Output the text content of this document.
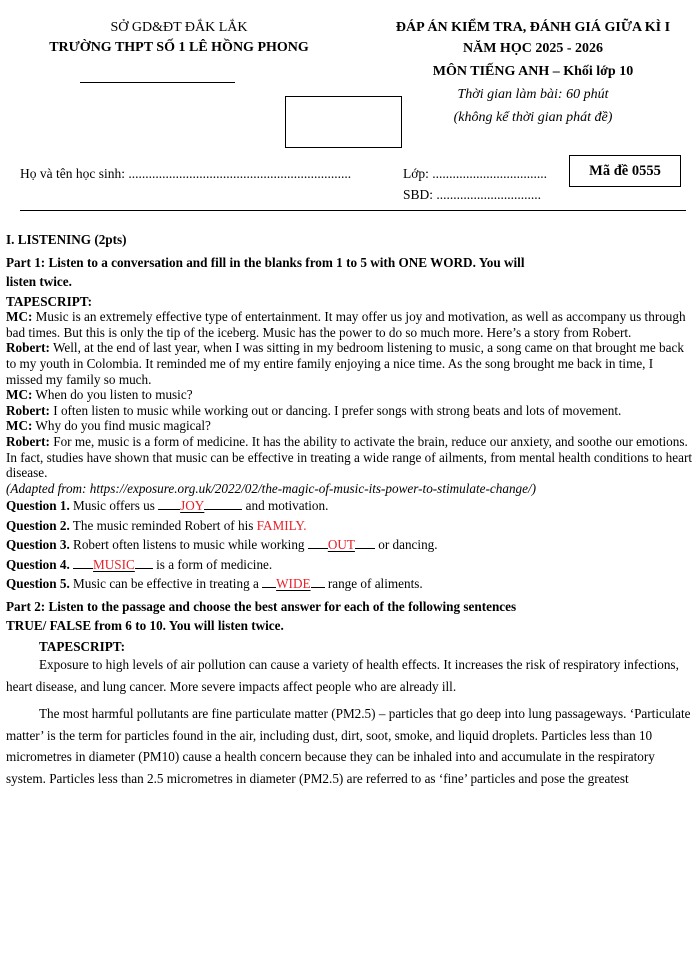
SỞ GD&ĐT ĐẮK LẮK
TRƯỜNG THPT SỐ 1 LÊ HỒNG PHONG
ĐÁP ÁN KIỂM TRA, ĐÁNH GIÁ GIỮA KÌ I
NĂM HỌC 2025 - 2026
MÔN TIẾNG ANH – Khối lớp 10
Thời gian làm bài: 60 phút
(không kể thời gian phát đề)
Họ và tên học sinh: ..................................................................	Lớp: ..................................
SBD: ...............................
Mã đề 0555

I. LISTENING (2pts)

Part 1: Listen to a conversation and fill in the blanks from 1 to 5 with ONE WORD. You will
listen twice.

TAPESCRIPT:

MC: Music is an extremely effective type of entertainment. It may offer us joy and motivation, as well as accompany us through bad times. But this is only the tip of the iceberg. Music has the power to do so much more. Here’s a story from Robert.

Robert: Well, at the end of last year, when I was sitting in my bedroom listening to music, a song came on that brought me back to my youth in Colombia. It reminded me of my entire family enjoying a nice time. As the song brought me back in time, I missed my family so much.

MC: When do you listen to music?

Robert: I often listen to music while working out or dancing. I prefer songs with strong beats and lots of movement.

MC: Why do you find music magical?

Robert: For me, music is a form of medicine. It has the ability to activate the brain, reduce our anxiety, and soothe our emotions. In fact, studies have shown that music can be effective in treating a wide range of ailments, from mental health conditions to heart disease.

(Adapted from: https://exposure.org.uk/2022/02/the-magic-of-music-its-power-to-stimulate-change/)

Question 1. Music offers us JOY	and motivation.

Question 2. The music reminded Robert of his FAMILY.

Question 3. Robert often listens to music while working OUT or dancing.

Question 4. MUSIC is a form of medicine.

Question 5. Music can be effective in treating a WIDE range of aliments.

Part 2: Listen to the passage and choose the best answer for each of the following sentences
TRUE/ FALSE from 6 to 10. You will listen twice.

TAPESCRIPT:

Exposure to high levels of air pollution can cause a variety of health effects. It increases the risk of respiratory infections, heart disease, and lung cancer. More severe impacts affect people who are already ill.

The most harmful pollutants are fine particulate matter (PM2.5) – particles that go deep into lung passageways. ‘Particulate matter’ is the term for particles found in the air, including dust, dirt, soot, smoke, and liquid droplets. Particles less than 10 micrometres in diameter (PM10) cause a health concern because they can be inhaled into and accumulate in the respiratory system. Particles less than 2.5 micrometres in diameter (PM2.5) are referred to as ‘fine’ particles and pose the greatest
